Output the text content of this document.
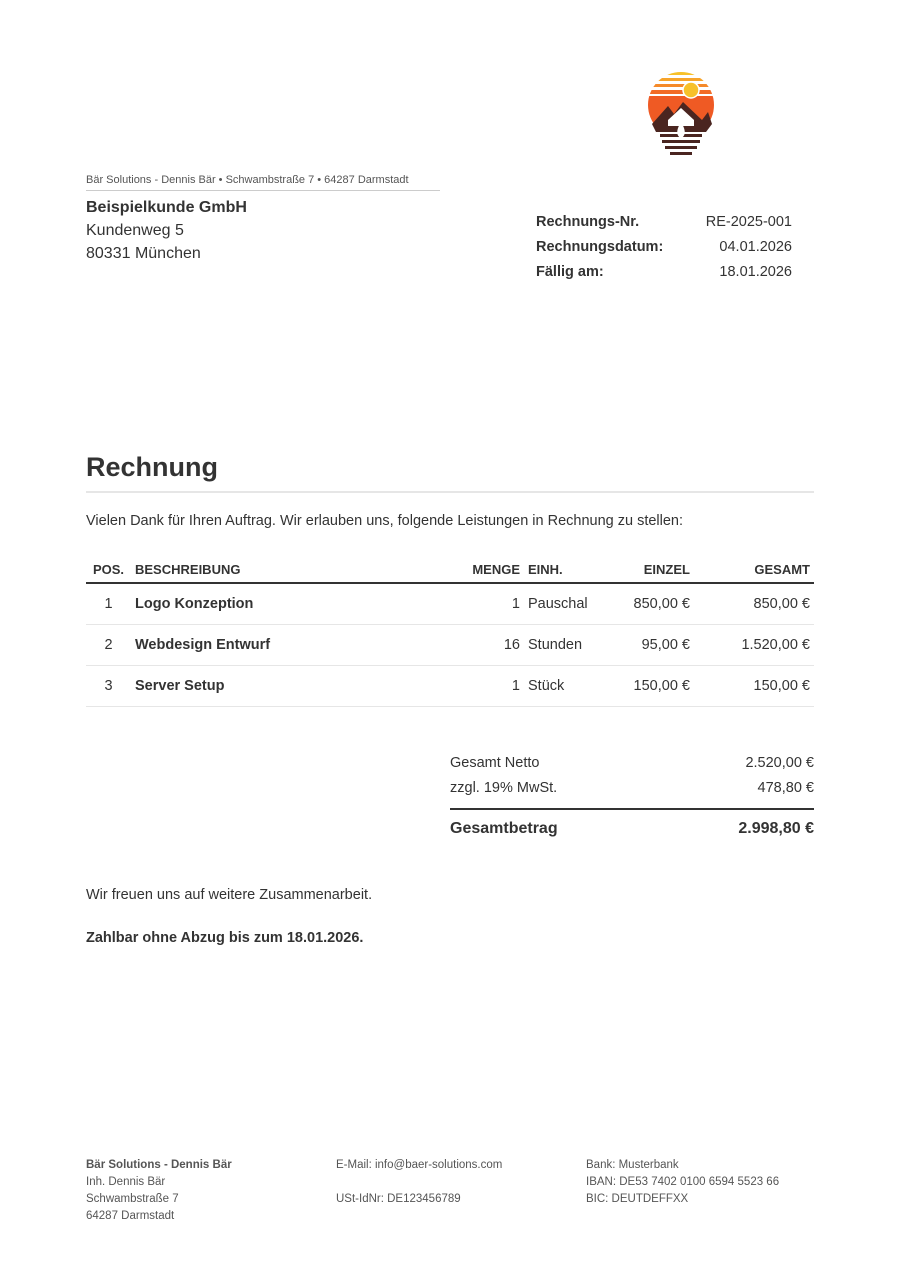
Bär Solutions - Dennis Bär • Schwambstraße 7 • 64287 Darmstadt
Beispielkunde GmbH
Kundenweg 5
80331 München
Rechnungs-Nr.	RE-2025-001
Rechnungsdatum:	04.01.2026
Fällig am:	18.01.2026
Rechnung
Vielen Dank für Ihren Auftrag. Wir erlauben uns, folgende Leistungen in Rechnung zu stellen:
POS.	BESCHREIBUNG	MENGE	EINH.	EINZEL	GESAMT
1	Logo Konzeption	1	Pauschal	850,00 €	850,00 €
2	Webdesign Entwurf	16	Stunden	95,00 €	1.520,00 €
3	Server Setup	1	Stück	150,00 €	150,00 €
Gesamt Netto	2.520,00 €
zzgl. 19% MwSt.	478,80 €
Gesamtbetrag	2.998,80 €
Wir freuen uns auf weitere Zusammenarbeit.
Zahlbar ohne Abzug bis zum 18.01.2026.
Bär Solutions - Dennis Bär
Inh. Dennis Bär
Schwambstraße 7
64287 Darmstadt
E-Mail: info@baer-solutions.com
USt-IdNr: DE123456789
Bank: Musterbank
IBAN: DE53 7402 0100 6594 5523 66
BIC: DEUTDEFFXX
